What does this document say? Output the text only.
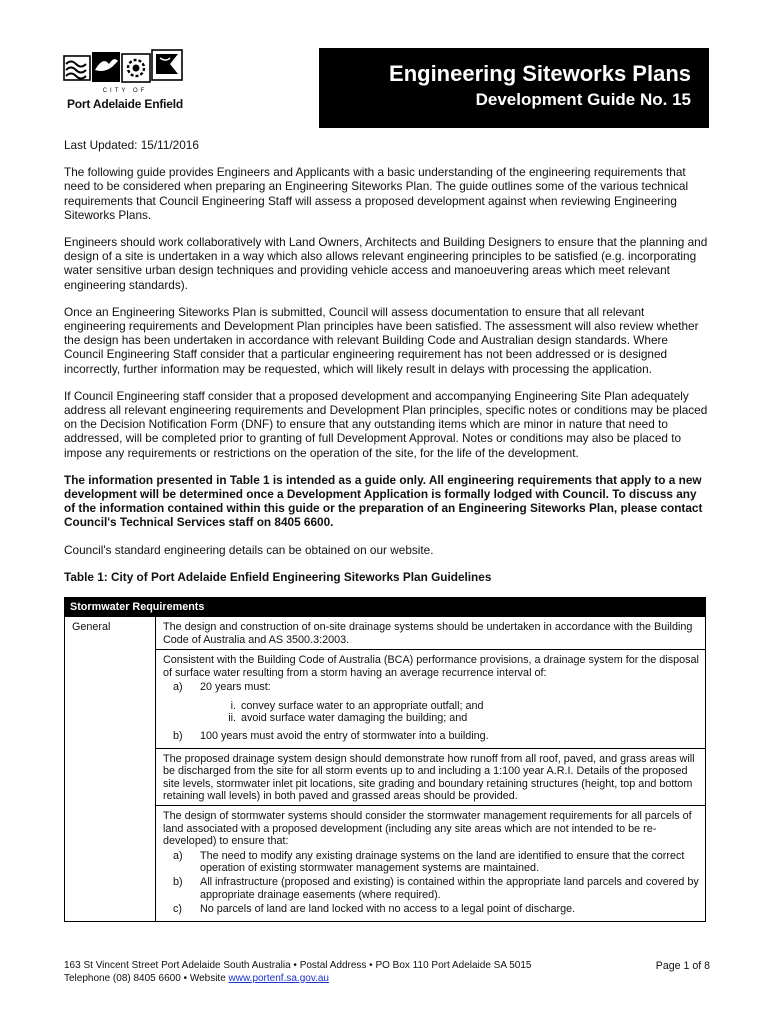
CITY OF
Port Adelaide Enfield
Engineering Siteworks Plans
Development Guide No. 15

Last Updated: 15/11/2016

The following guide provides Engineers and Applicants with a basic understanding of the engineering requirements that need to be considered when preparing an Engineering Siteworks Plan. The guide outlines some of the various technical requirements that Council Engineering Staff will assess a proposed development against when reviewing Engineering Siteworks Plans.

Engineers should work collaboratively with Land Owners, Architects and Building Designers to ensure that the planning and design of a site is undertaken in a way which also allows relevant engineering principles to be satisfied (e.g. incorporating water sensitive urban design techniques and providing vehicle access and manoeuvering areas which meet relevant engineering standards).

Once an Engineering Siteworks Plan is submitted, Council will assess documentation to ensure that all relevant engineering requirements and Development Plan principles have been satisfied. The assessment will also review whether the design has been undertaken in accordance with relevant Building Code and Australian design standards. Where Council Engineering Staff consider that a particular engineering requirement has not been addressed or is designed incorrectly, further information may be requested, which will likely result in delays with processing the application.

If Council Engineering staff consider that a proposed development and accompanying Engineering Site Plan adequately address all relevant engineering requirements and Development Plan principles, specific notes or conditions may be placed on the Decision Notification Form (DNF) to ensure that any outstanding items which are minor in nature that need to addressed, will be completed prior to granting of full Development Approval. Notes or conditions may also be placed to impose any requirements or restrictions on the operation of the site, for the life of the development.

The information presented in Table 1 is intended as a guide only. All engineering requirements that apply to a new development will be determined once a Development Application is formally lodged with Council. To discuss any of the information contained within this guide or the preparation of an Engineering Siteworks Plan, please contact Council's Technical Services staff on 8405 6600.

Council's standard engineering details can be obtained on our website.

Table 1: City of Port Adelaide Enfield Engineering Siteworks Plan Guidelines

Stormwater Requirements
General	The design and construction of on-site drainage systems should be undertaken in accordance with the Building Code of Australia and AS 3500.3:2003.

Consistent with the Building Code of Australia (BCA) performance provisions, a drainage system for the disposal of surface water resulting from a storm having an average recurrence interval of:
a) 20 years must:
i. convey surface water to an appropriate outfall; and
ii. avoid surface water damaging the building; and
b) 100 years must avoid the entry of stormwater into a building.

The proposed drainage system design should demonstrate how runoff from all roof, paved, and grass areas will be discharged from the site for all storm events up to and including a 1:100 year A.R.I. Details of the proposed site levels, stormwater inlet pit locations, site grading and boundary retaining structures (height, top and bottom retaining wall levels) in both paved and grassed areas should be provided.

The design of stormwater systems should consider the stormwater management requirements for all parcels of land associated with a proposed development (including any site areas which are not intended to be re-developed) to ensure that:
a) The need to modify any existing drainage systems on the land are identified to ensure that the correct operation of existing stormwater management systems are maintained.
b) All infrastructure (proposed and existing) is contained within the appropriate land parcels and covered by appropriate drainage easements (where required).
c) No parcels of land are land locked with no access to a legal point of discharge.
163 St Vincent Street Port Adelaide South Australia • Postal Address • PO Box 110 Port Adelaide SA 5015
Telephone (08) 8405 6600 • Website www.portenf.sa.gov.au
Page 1 of 8
